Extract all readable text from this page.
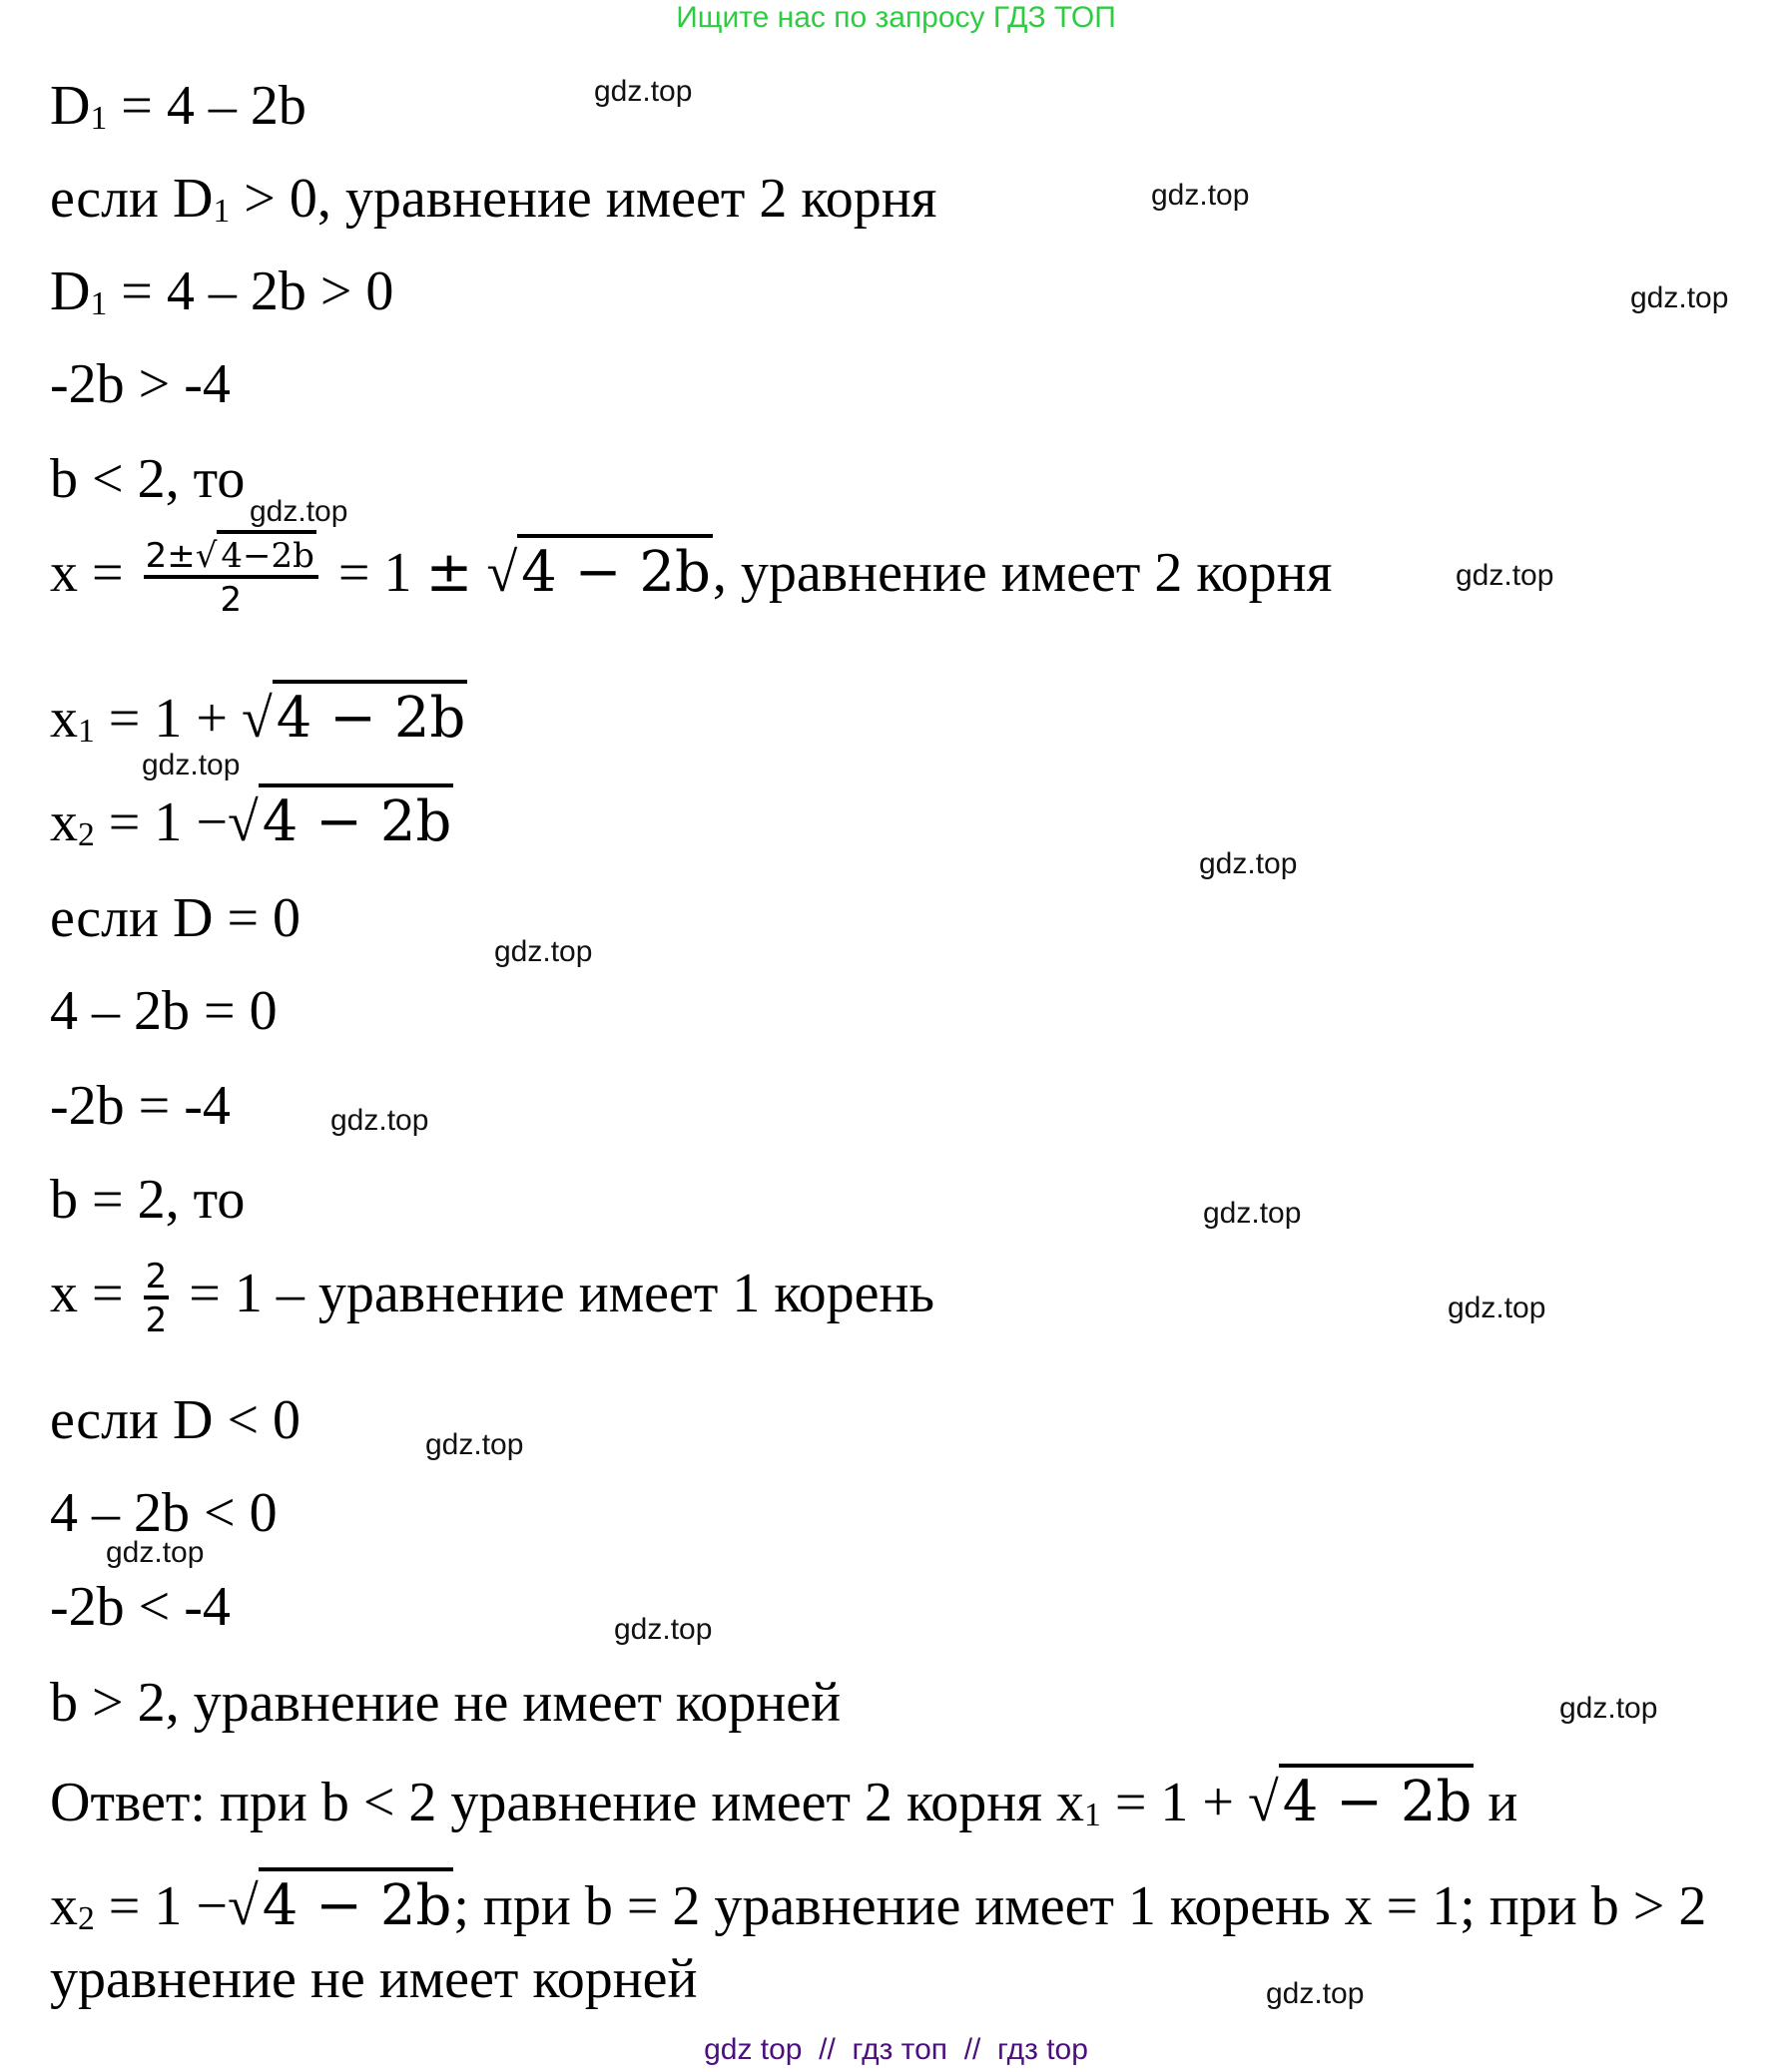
Ищите нас по запросу ГДЗ ТОП
$D_1 = 4 - 2b$
если $D_1 > 0$, уравнение имеет 2 корня
$D_1 = 4 - 2b > 0$
-2b > -4
b < 2, то
$x = \frac{2\pm√ 4-2b}{2} = 1 \pm √4 - 2b$, уравнение имеет 2 корня
$x_1 = 1 + √4 - 2b$
$x_2 = 1 -√4 - 2b$
если D = 0
4 – 2b = 0
-2b = -4
b = 2, то
$x = \frac{2}{2} = 1$ – уравнение имеет 1 корень
если D < 0
4 – 2b < 0
-2b < -4
b > 2, уравнение не имеет корней
Ответ: при b < 2 уравнение имеет 2 корня $x_1 = 1 + √4 - 2b$ и
$x_2 = 1 -√4 - 2b$; при b = 2 уравнение имеет 1 корень x = 1; при b > 2
уравнение не имеет корней
gdz.top
gdz.top
gdz.top
gdz.top
gdz.top
gdz.top
gdz.top
gdz.top
gdz.top
gdz.top
gdz.top
gdz.top
gdz.top
gdz.top
gdz.top
gdz.top
gdz top  //  гдз топ  //  гдз top
